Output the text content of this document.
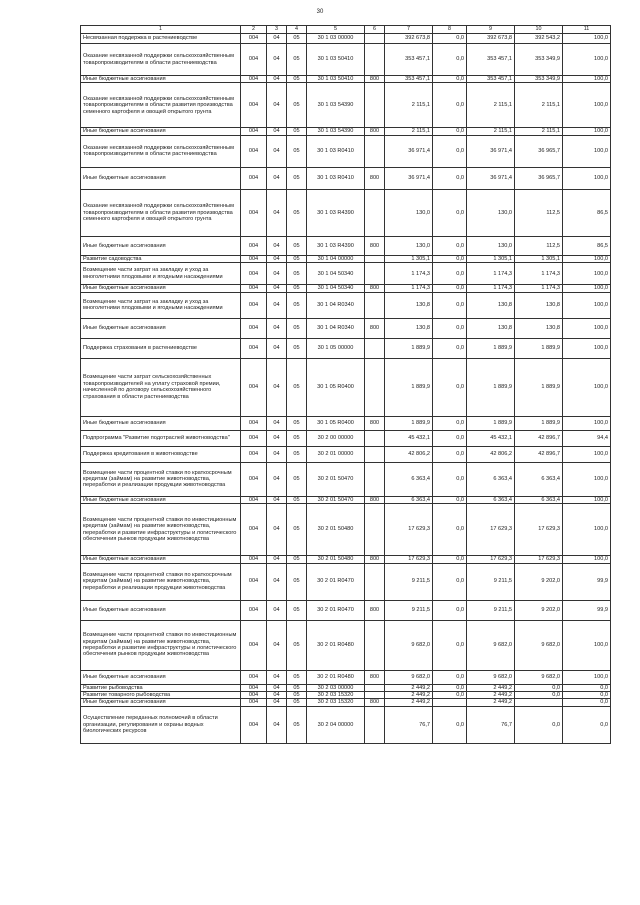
30
1	2	3	4	5	6	7	8	9	10	11
Несвязанная поддержка в растениеводстве	004	04	05	30 1 03 00000		392 673,8	0,0	392 673,8	392 543,2	100,0
Оказание несвязанной поддержки сельскохозяйственным товаропроизводителям в области растениеводства	004	04	05	30 1 03 50410		353 457,1	0,0	353 457,1	353 349,9	100,0
Иные бюджетные ассигнования	004	04	05	30 1 03 50410	800	353 457,1	0,0	353 457,1	353 349,9	100,0
Оказание несвязанной поддержки сельскохозяйственным товаропроизводителям в области развития производства семенного картофеля и овощей открытого грунта	004	04	05	30 1 03 54390		2 115,1	0,0	2 115,1	2 115,1	100,0
Иные бюджетные ассигнования	004	04	05	30 1 03 54390	800	2 115,1	0,0	2 115,1	2 115,1	100,0
Оказание несвязанной поддержки сельскохозяйственным товаропроизводителям в области растениеводства	004	04	05	30 1 03 R0410		36 971,4	0,0	36 971,4	36 965,7	100,0
Иные бюджетные ассигнования	004	04	05	30 1 03 R0410	800	36 971,4	0,0	36 971,4	36 965,7	100,0
Оказание несвязанной поддержки сельскохозяйственным товаропроизводителям в области развития производства семенного картофеля и овощей открытого грунта	004	04	05	30 1 03 R4390		130,0	0,0	130,0	112,5	86,5
Иные бюджетные ассигнования	004	04	05	30 1 03 R4390	800	130,0	0,0	130,0	112,5	86,5
Развитие садоводства	004	04	05	30 1 04 00000		1 305,1	0,0	1 305,1	1 305,1	100,0
Возмещение части затрат на закладку и уход за многолетними плодовыми и ягодными насаждениями	004	04	05	30 1 04 50340		1 174,3	0,0	1 174,3	1 174,3	100,0
Иные бюджетные ассигнования	004	04	05	30 1 04 50340	800	1 174,3	0,0	1 174,3	1 174,3	100,0
Возмещение части затрат на закладку и уход за многолетними плодовыми и ягодными насаждениями	004	04	05	30 1 04 R0340		130,8	0,0	130,8	130,8	100,0
Иные бюджетные ассигнования	004	04	05	30 1 04 R0340	800	130,8	0,0	130,8	130,8	100,0
Поддержка страхования в растениеводстве	004	04	05	30 1 05 00000		1 889,9	0,0	1 889,9	1 889,9	100,0
Возмещение части затрат сельскохозяйственных товаропроизводителей на уплату страховой премии, начисленной по договору сельскохозяйственного страхования в области растениеводства	004	04	05	30 1 05 R0400		1 889,9	0,0	1 889,9	1 889,9	100,0
Иные бюджетные ассигнования	004	04	05	30 1 05 R0400	800	1 889,9	0,0	1 889,9	1 889,9	100,0
Подпрограмма "Развитие подотраслей животноводства"	004	04	05	30 2 00 00000		45 432,1	0,0	45 432,1	42 896,7	94,4
Поддержка кредитования в животноводстве	004	04	05	30 2 01 00000		42 806,2	0,0	42 806,2	42 896,7	100,0
Возмещение части процентной ставки по краткосрочным кредитам (займам) на развитие животноводства, переработки и реализации продукции животноводства	004	04	05	30 2 01 50470		6 363,4	0,0	6 363,4	6 363,4	100,0
Иные бюджетные ассигнования	004	04	05	30 2 01 50470	800	6 363,4	0,0	6 363,4	6 363,4	100,0
Возмещение части процентной ставки по инвестиционным кредитам (займам) на развитие животноводства, переработки и развитие инфраструктуры и логистического обеспечения рынков продукции животноводства	004	04	05	30 2 01 50480		17 629,3	0,0	17 629,3	17 629,3	100,0
Иные бюджетные ассигнования	004	04	05	30 2 01 50480	800	17 629,3	0,0	17 629,3	17 629,3	100,0
Возмещение части процентной ставки по краткосрочным кредитам (займам) на развитие животноводства, переработки и реализации продукции животноводства	004	04	05	30 2 01 R0470		9 211,5	0,0	9 211,5	9 202,0	99,9
Иные бюджетные ассигнования	004	04	05	30 2 01 R0470	800	9 211,5	0,0	9 211,5	9 202,0	99,9
Возмещение части процентной ставки по инвестиционным кредитам (займам) на развитие животноводства, переработки и развитие инфраструктуры и логистического обеспечения рынков продукции животноводства	004	04	05	30 2 01 R0480		9 682,0	0,0	9 682,0	9 682,0	100,0
Иные бюджетные ассигнования	004	04	05	30 2 01 R0480	800	9 682,0	0,0	9 682,0	9 682,0	100,0
Развитие рыбоводства	004	04	05	30 2 03 00000		2 449,2	0,0	2 449,2	0,0	0,0
Развитие товарного рыбоводства	004	04	05	30 2 03 15320		2 449,2	0,0	2 449,2	0,0	0,0
Иные бюджетные ассигнования	004	04	05	30 2 03 15320	800	2 449,2		2 449,2		0,0
Осуществление переданных полномочий в области организации, регулирования и охраны водных биологических ресурсов	004	04	05	30 2 04 00000		76,7	0,0	76,7	0,0	0,0
